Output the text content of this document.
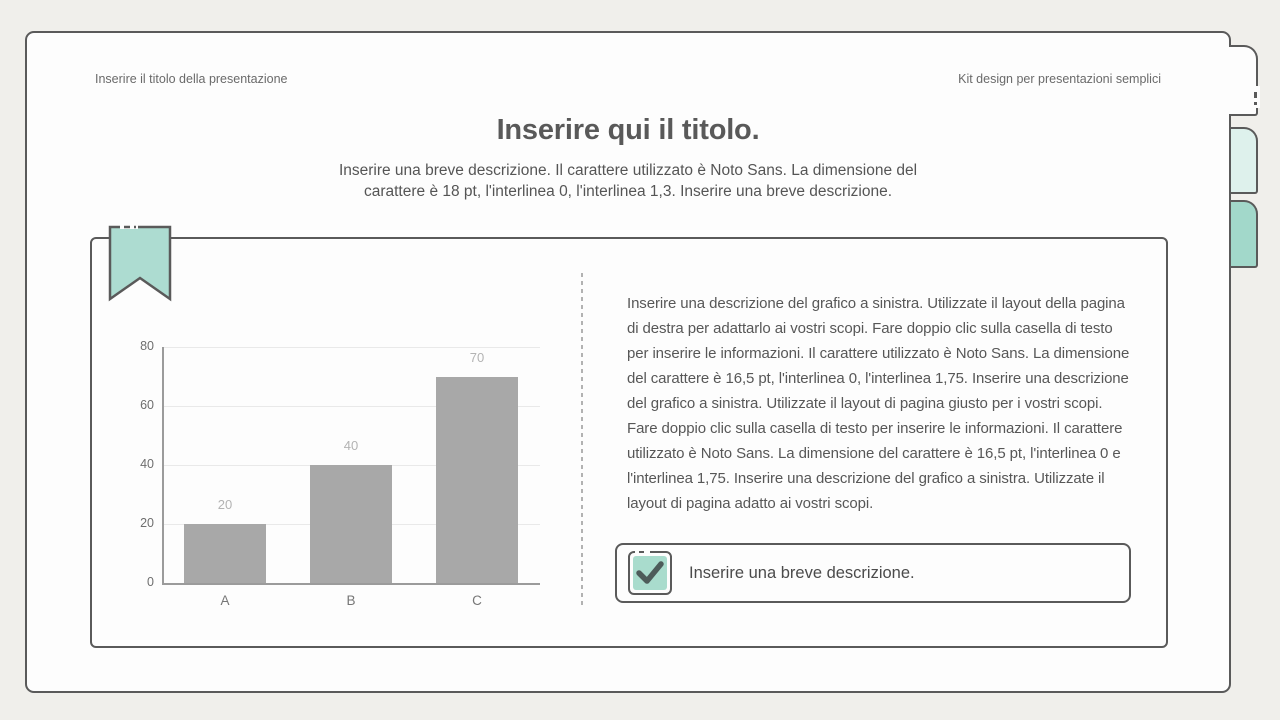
Inserire il titolo della presentazione	Kit design per presentazioni semplici
Inserire qui il titolo.
Inserire una breve descrizione. Il carattere utilizzato è Noto Sans. La dimensione del carattere è 18 pt, l'interlinea 0, l'interlinea 1,3. Inserire una breve descrizione.
0
20
40
60
80
20
A
40
B
70
C
Inserire una descrizione del grafico a sinistra. Utilizzate il layout della pagina di destra per adattarlo ai vostri scopi. Fare doppio clic sulla casella di testo per inserire le informazioni. Il carattere utilizzato è Noto Sans. La dimensione del carattere è 16,5 pt, l'interlinea 0, l'interlinea 1,75. Inserire una descrizione del grafico a sinistra. Utilizzate il layout di pagina giusto per i vostri scopi. Fare doppio clic sulla casella di testo per inserire le informazioni. Il carattere utilizzato è Noto Sans. La dimensione del carattere è 16,5 pt, l'interlinea 0 e l'interlinea 1,75. Inserire una descrizione del grafico a sinistra. Utilizzate il layout di pagina adatto ai vostri scopi.
Inserire una breve descrizione.
